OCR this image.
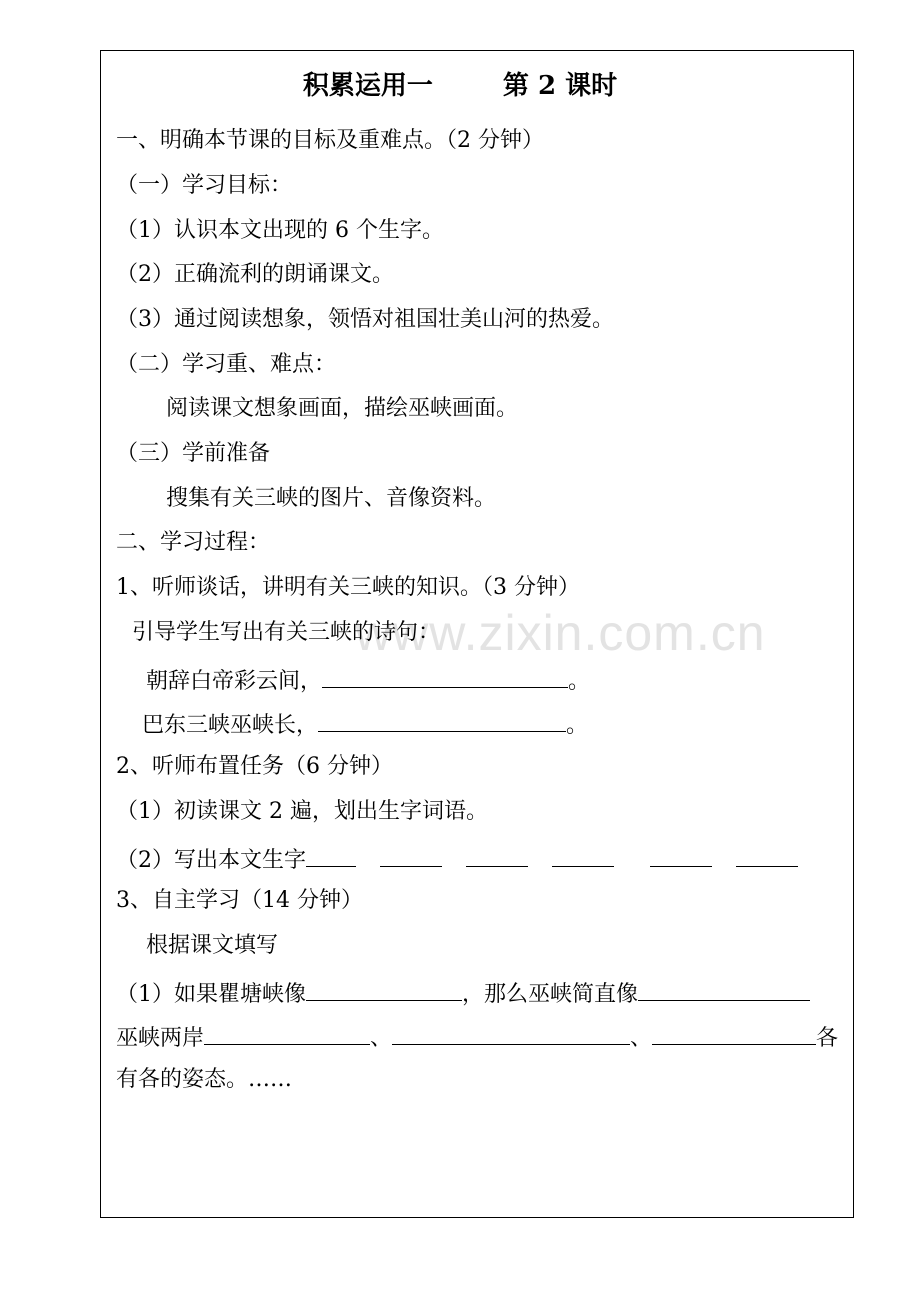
积累运用一	第 2 课时
www.zixin.com.cn
一、明确本节课的目标及重难点。（2 分钟）
（一）学习目标：
（1）认识本文出现的 6 个生字。
（2）正确流利的朗诵课文。
（3）通过阅读想象，领悟对祖国壮美山河的热爱。
（二）学习重、难点：
阅读课文想象画面，描绘巫峡画面。
（三）学前准备
搜集有关三峡的图片、音像资料。
二、学习过程：
1、听师谈话，讲明有关三峡的知识。（3 分钟）
引导学生写出有关三峡的诗句：
朝辞白帝彩云间，	。
巴东三峡巫峡长，	。
2、听师布置任务（6 分钟）
（1）初读课文 2 遍，划出生字词语。
（2）写出本文生字
3、自主学习（14 分钟）
根据课文填写
（1）如果瞿塘峡像	，那么巫峡简直像
巫峡两岸	、	、	各
有各的姿态。……
